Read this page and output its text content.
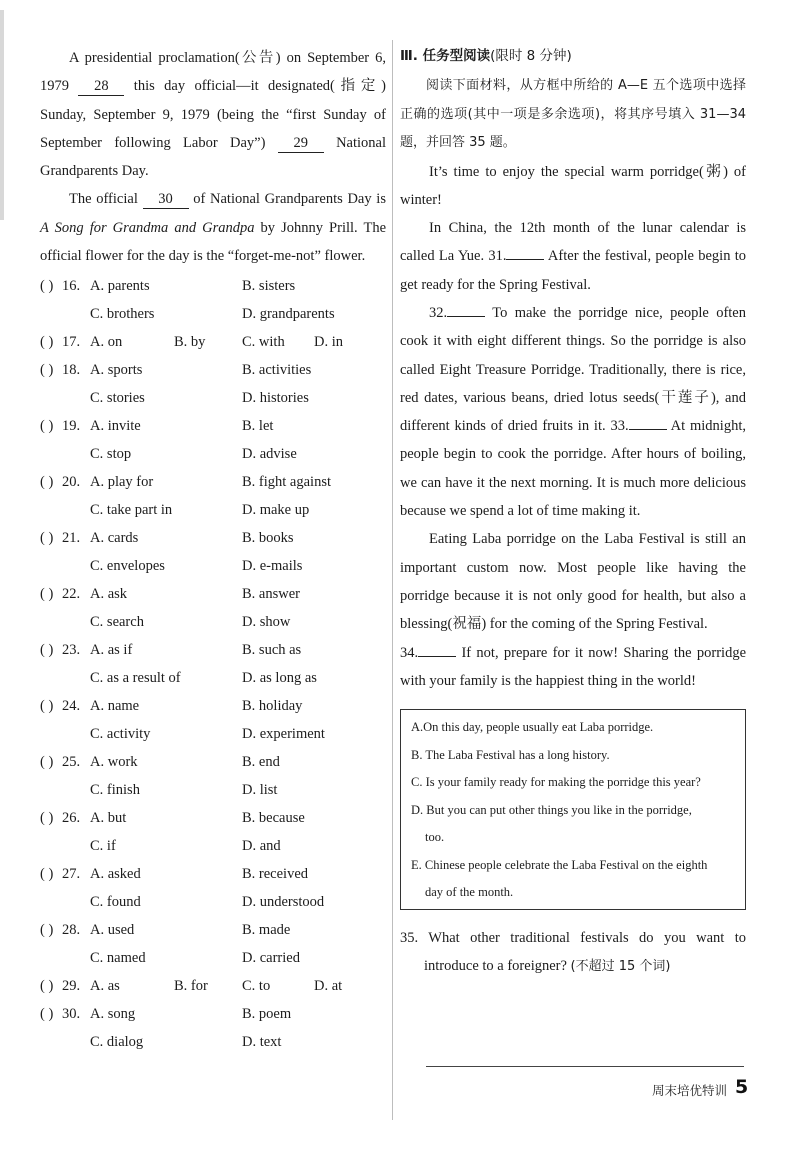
A presidential proclamation(公告) on September 6, 1979 28 this day official—it designated(指定) Sunday, September 9, 1979 (being the “first Sunday of September following Labor Day”) 29 National Grandparents Day.

The official 30 of National Grandparents Day is A Song for Grandma and Grandpa by Johnny Prill. The official flower for the day is the “forget-me-not” flower.

( ) 16. A. parents	B. sisters
C. brothers	D. grandparents
( ) 17. A. on	B. by	C. with D. in
( ) 18. A. sports	B. activities
C. stories	D. histories
( ) 19. A. invite	B. let
C. stop	D. advise
( ) 20. A. play for	B. fight against
C. take part in	D. make up
( ) 21. A. cards	B. books
C. envelopes	D. e-mails
( ) 22. A. ask	B. answer
C. search	D. show
( ) 23. A. as if	B. such as
C. as a result of	D. as long as
( ) 24. A. name	B. holiday
C. activity	D. experiment
( ) 25. A. work	B. end
C. finish	D. list
( ) 26. A. but	B. because
C. if	D. and
( ) 27. A. asked	B. received
C. found	D. understood
( ) 28. A. used	B. made
C. named	D. carried
( ) 29. A. as	B. for C. to	D. at
( ) 30. A. song	B. poem
C. dialog	D. text

Ⅲ. 任务型阅读(限时 8 分钟)

阅读下面材料，从方框中所给的 A—E 五个选项中选择正确的选项(其中一项是多余选项)，将其序号填入 31—34 题，并回答 35 题。

It’s time to enjoy the special warm porridge(粥) of winter!

In China, the 12th month of the lunar calendar is called La Yue. 31.	After the festival, people begin to get ready for the Spring Festival.

32.	To make the porridge nice, people often cook it with eight different things. So the porridge is also called Eight Treasure Porridge. Traditionally, there is rice, red dates, various beans, dried lotus seeds(干莲子), and different kinds of dried fruits in it. 33.	At midnight, people begin to cook the porridge. After hours of boiling, we can have it the next morning. It is much more delicious because we spend a lot of time making it.

Eating Laba porridge on the Laba Festival is still an important custom now. Most people like having the porridge because it is not only good for health, but also a blessing(祝福) for the coming of the Spring Festival.

34.	If not, prepare for it now! Sharing the porridge with your family is the happiest thing in the world!

A.On this day, people usually eat Laba porridge.

B. The Laba Festival has a long history.

C. Is your family ready for making the porridge this year?

D. But you can put other things you like in the porridge,

too.

E. Chinese people celebrate the Laba Festival on the eighth

day of the month.

35. What other traditional festivals do you want to introduce to a foreigner? (不超过 15 个词)

周末培优特训 5
